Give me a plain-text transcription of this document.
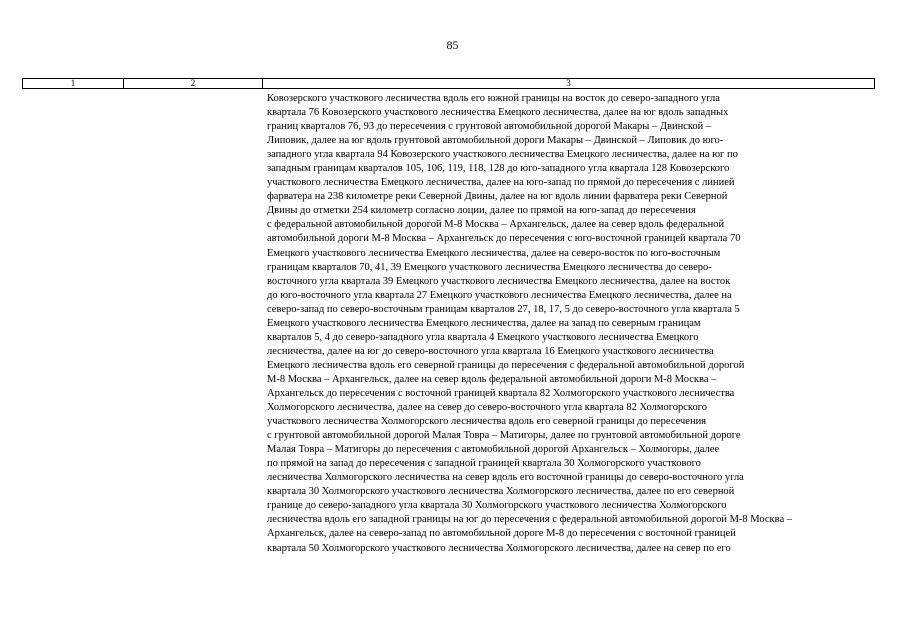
85
1	2	3
Ковозерского участкового лесничества вдоль его южной границы на восток до северо-западного угла
квартала 76 Ковозерского участкового лесничества Емецкого лесничества, далее на юг вдоль западных
границ кварталов 76, 93 до пересечения с грунтовой автомобильной дорогой Макары – Двинской –
Липовик, далее на юг вдоль грунтовой автомобильной дороги Макары – Двинской – Липовик до юго-
западного угла квартала 94 Ковозерского участкового лесничества Емецкого лесничества, далее на юг по
западным границам кварталов 105, 106, 119, 118, 128 до юго-западного угла квартала 128 Ковозерского
участкового лесничества Емецкого лесничества, далее на юго-запад по прямой до пересечения с линией
фарватера на 238 километре реки Северной Двины, далее на юг вдоль линии фарватера реки Северной
Двины до отметки 254 километр согласно лоции, далее по прямой на юго-запад до пересечения
с федеральной автомобильной дорогой М-8 Москва – Архангельск, далее на север вдоль федеральной
автомобильной дороги М-8 Москва – Архангельск до пересечения с юго-восточной границей квартала 70
Емецкого участкового лесничества Емецкого лесничества, далее на северо-восток по юго-восточным
границам кварталов 70, 41, 39 Емецкого участкового лесничества Емецкого лесничества до северо-
восточного угла квартала 39 Емецкого участкового лесничества Емецкого лесничества, далее на восток
до юго-восточного угла квартала 27 Емецкого участкового лесничества Емецкого лесничества, далее на
северо-запад по северо-восточным границам кварталов 27, 18, 17, 5 до северо-восточного угла квартала 5
Емецкого участкового лесничества Емецкого лесничества, далее на запад по северным границам
кварталов 5, 4 до северо-западного угла квартала 4 Емецкого участкового лесничества Емецкого
лесничества, далее на юг до северо-восточного угла квартала 16 Емецкого участкового лесничества
Емецкого лесничества вдоль его северной границы до пересечения с федеральной автомобильной дорогой
М-8 Москва – Архангельск, далее на север вдоль федеральной автомобильной дороги М-8 Москва –
Архангельск до пересечения с восточной границей квартала 82 Холмогорского участкового лесничества
Холмогорского лесничества, далее на север до северо-восточного угла квартала 82 Холмогорского
участкового лесничества Холмогорского лесничества вдоль его северной границы до пересечения
с грунтовой автомобильной дорогой Малая Товра – Матигоры, далее по грунтовой автомобильной дороге
Малая Товра – Матигоры до пересечения с автомобильной дорогой Архангельск – Холмогоры, далее
по прямой на запад до пересечения с западной границей квартала 30 Холмогорского участкового
лесничества Холмогорского лесничества на север вдоль его восточной границы до северо-восточного угла
квартала 30 Холмогорского участкового лесничества Холмогорского лесничества, далее по его северной
границе до северо-западного угла квартала 30 Холмогорского участкового лесничества Холмогорского
лесничества вдоль его западной границы на юг до пересечения с федеральной автомобильной дорогой М-8 Москва –
Архангельск, далее на северо-запад по автомобильной дороге М-8 до пересечения с восточной границей
квартала 50 Холмогорского участкового лесничества Холмогорского лесничества, далее на север по его
